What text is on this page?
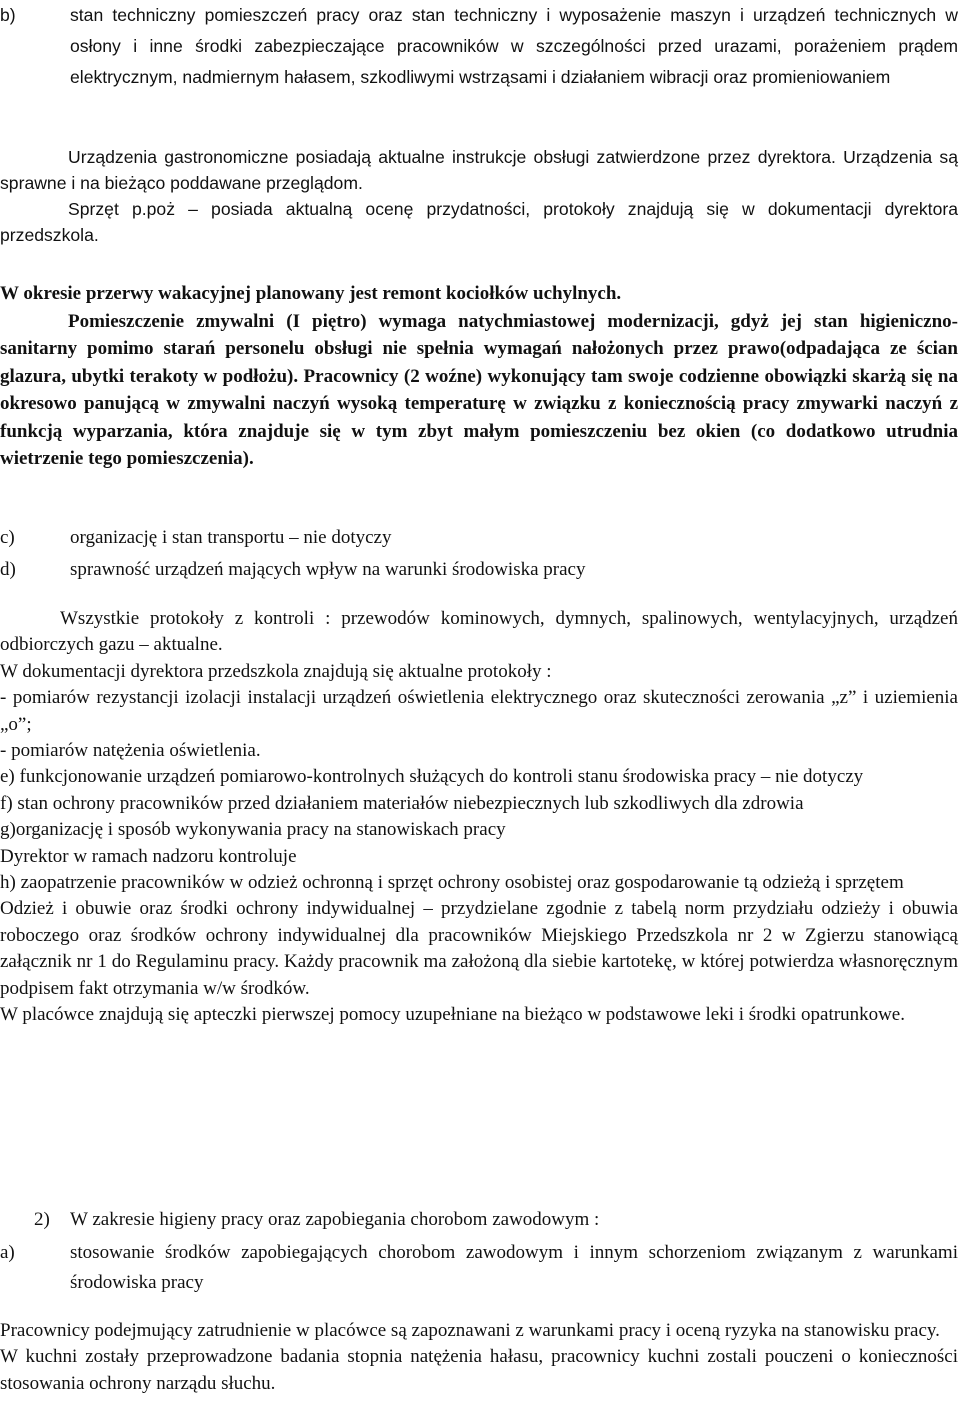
b)	stan techniczny pomieszczeń pracy oraz stan techniczny i wyposażenie maszyn i urządzeń technicznych w osłony i inne środki zabezpieczające pracowników w szczególności przed urazami, porażeniem prądem elektrycznym, nadmiernym hałasem, szkodliwymi wstrząsami i działaniem wibracji oraz promieniowaniem

Urządzenia gastronomiczne posiadają aktualne instrukcje obsługi zatwierdzone przez dyrektora. Urządzenia są sprawne i na bieżąco poddawane przeglądom.

Sprzęt p.poż – posiada aktualną ocenę przydatności, protokoły znajdują się w dokumentacji dyrektora przedszkola.

W okresie przerwy wakacyjnej planowany jest remont kociołków uchylnych.

Pomieszczenie zmywalni (I piętro) wymaga natychmiastowej modernizacji, gdyż jej stan higieniczno- sanitarny pomimo starań personelu obsługi nie spełnia wymagań nałożonych przez prawo(odpadająca ze ścian glazura, ubytki terakoty w podłożu). Pracownicy (2 woźne) wykonujący tam swoje codzienne obowiązki skarżą się na okresowo panującą w zmywalni naczyń wysoką temperaturę w związku z koniecznością pracy zmywarki naczyń z funkcją wyparzania, która znajduje się w tym zbyt małym pomieszczeniu bez okien (co dodatkowo utrudnia wietrzenie tego pomieszczenia).

c)	organizację i stan transportu – nie dotyczy
d)	sprawność urządzeń mających wpływ na warunki środowiska pracy

Wszystkie protokoły z kontroli : przewodów kominowych, dymnych, spalinowych, wentylacyjnych, urządzeń odbiorczych gazu – aktualne.

W dokumentacji dyrektora przedszkola znajdują się aktualne protokoły :

- pomiarów rezystancji izolacji instalacji urządzeń oświetlenia elektrycznego oraz skuteczności zerowania „z” i uziemienia „o”;

- pomiarów natężenia oświetlenia.

e) funkcjonowanie urządzeń pomiarowo-kontrolnych służących do kontroli stanu środowiska pracy – nie dotyczy

f) stan ochrony pracowników przed działaniem materiałów niebezpiecznych lub szkodliwych dla zdrowia

g)organizację i sposób wykonywania pracy na stanowiskach pracy

Dyrektor w ramach nadzoru kontroluje

h) zaopatrzenie pracowników w odzież ochronną i sprzęt ochrony osobistej oraz gospodarowanie tą odzieżą i sprzętem

Odzież i obuwie oraz środki ochrony indywidualnej – przydzielane zgodnie z tabelą norm przydziału odzieży i obuwia roboczego oraz środków ochrony indywidualnej dla pracowników Miejskiego Przedszkola nr 2 w Zgierzu stanowiącą załącznik nr 1 do Regulaminu pracy. Każdy pracownik ma założoną dla siebie kartotekę, w której potwierdza własnoręcznym podpisem fakt otrzymania w/w środków.

W placówce znajdują się apteczki pierwszej pomocy uzupełniane na bieżąco w podstawowe leki i środki opatrunkowe.

2) W zakresie higieny pracy oraz zapobiegania chorobom zawodowym :
a)	stosowanie środków zapobiegających chorobom zawodowym i innym schorzeniom związanym z warunkami środowiska pracy

Pracownicy podejmujący zatrudnienie w placówce są zapoznawani z warunkami pracy i oceną ryzyka na stanowisku pracy.

W kuchni zostały przeprowadzone badania stopnia natężenia hałasu, pracownicy kuchni zostali pouczeni o konieczności stosowania ochrony narządu słuchu.
